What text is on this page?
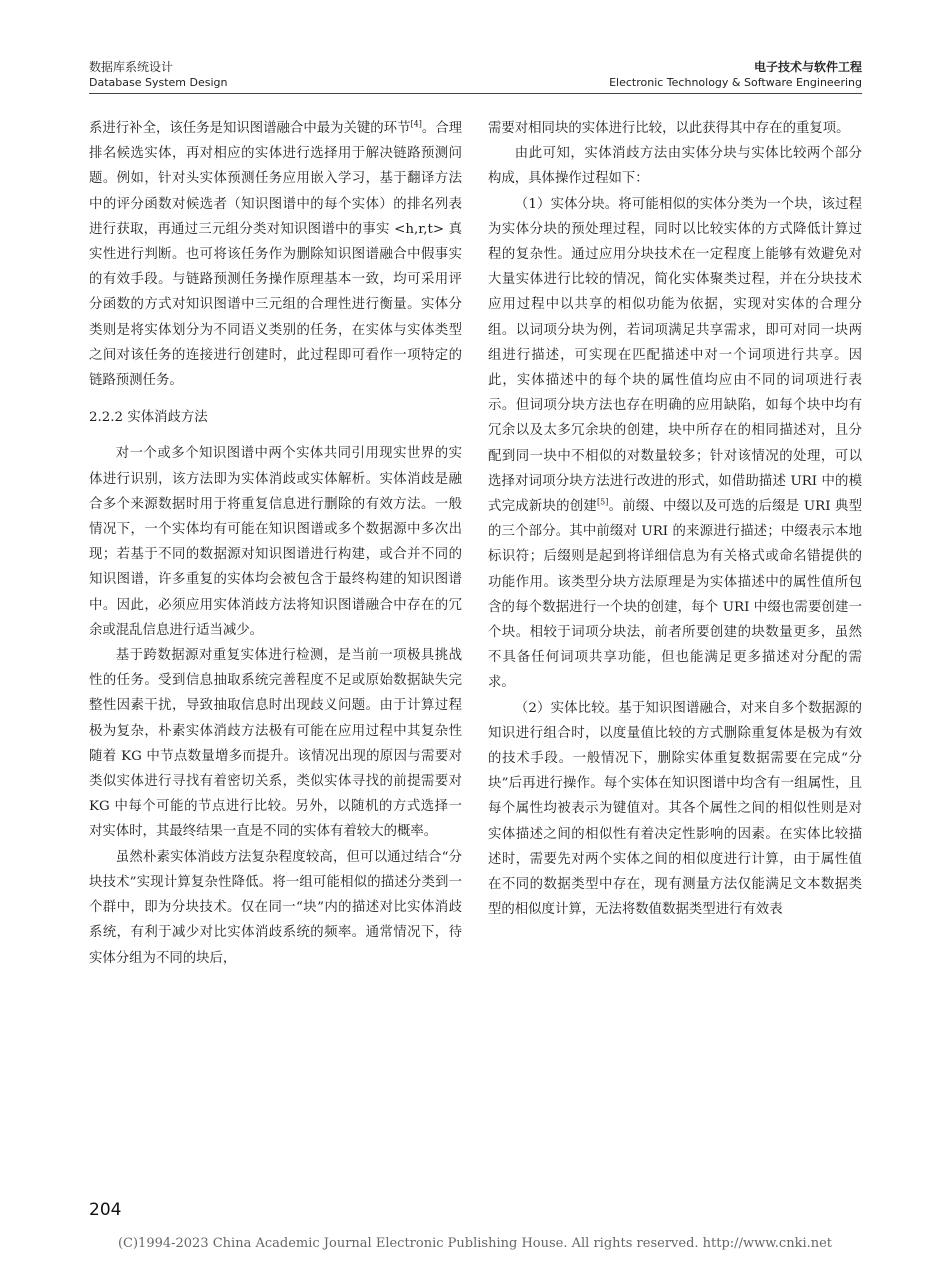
数据库系统设计
Database System Design
电子技术与软件工程
Electronic Technology & Software Engineering

系进行补全，该任务是知识图谱融合中最为关键的环节[4]。合理排名候选实体，再对相应的实体进行选择用于解决链路预测问题。例如，针对头实体预测任务应用嵌入学习，基于翻译方法中的评分函数对候选者（知识图谱中的每个实体）的排名列表进行获取，再通过三元组分类对知识图谱中的事实 <h,r,t> 真实性进行判断。也可将该任务作为删除知识图谱融合中假事实的有效手段。与链路预测任务操作原理基本一致，均可采用评分函数的方式对知识图谱中三元组的合理性进行衡量。实体分类则是将实体划分为不同语义类别的任务，在实体与实体类型之间对该任务的连接进行创建时，此过程即可看作一项特定的链路预测任务。

2.2.2 实体消歧方法

对一个或多个知识图谱中两个实体共同引用现实世界的实体进行识别，该方法即为实体消歧或实体解析。实体消歧是融合多个来源数据时用于将重复信息进行删除的有效方法。一般情况下，一个实体均有可能在知识图谱或多个数据源中多次出现；若基于不同的数据源对知识图谱进行构建，或合并不同的知识图谱，许多重复的实体均会被包含于最终构建的知识图谱中。因此，必须应用实体消歧方法将知识图谱融合中存在的冗余或混乱信息进行适当减少。

基于跨数据源对重复实体进行检测，是当前一项极具挑战性的任务。受到信息抽取系统完善程度不足或原始数据缺失完整性因素干扰，导致抽取信息时出现歧义问题。由于计算过程极为复杂，朴素实体消歧方法极有可能在应用过程中其复杂性随着 KG 中节点数量增多而提升。该情况出现的原因与需要对类似实体进行寻找有着密切关系，类似实体寻找的前提需要对 KG 中每个可能的节点进行比较。另外，以随机的方式选择一对实体时，其最终结果一直是不同的实体有着较大的概率。

虽然朴素实体消歧方法复杂程度较高，但可以通过结合“分块技术”实现计算复杂性降低。将一组可能相似的描述分类到一个群中，即为分块技术。仅在同一“块”内的描述对比实体消歧系统，有利于减少对比实体消歧系统的频率。通常情况下，待实体分组为不同的块后，

需要对相同块的实体进行比较，以此获得其中存在的重复项。

由此可知，实体消歧方法由实体分块与实体比较两个部分构成，具体操作过程如下：

（1）实体分块。将可能相似的实体分类为一个块，该过程为实体分块的预处理过程，同时以比较实体的方式降低计算过程的复杂性。通过应用分块技术在一定程度上能够有效避免对大量实体进行比较的情况，简化实体聚类过程，并在分块技术应用过程中以共享的相似功能为依据，实现对实体的合理分组。以词项分块为例，若词项满足共享需求，即可对同一块两组进行描述，可实现在匹配描述中对一个词项进行共享。因此，实体描述中的每个块的属性值均应由不同的词项进行表示。但词项分块方法也存在明确的应用缺陷，如每个块中均有冗余以及太多冗余块的创建，块中所存在的相同描述对，且分配到同一块中不相似的对数量较多；针对该情况的处理，可以选择对词项分块方法进行改进的形式，如借助描述 URI 中的模式完成新块的创建[5]。前缀、中缀以及可选的后缀是 URI 典型的三个部分。其中前缀对 URI 的来源进行描述；中缀表示本地标识符；后缀则是起到将详细信息为有关格式或命名错提供的功能作用。该类型分块方法原理是为实体描述中的属性值所包含的每个数据进行一个块的创建，每个 URI 中缀也需要创建一个块。相较于词项分块法，前者所要创建的块数量更多，虽然不具备任何词项共享功能，但也能满足更多描述对分配的需求。

（2）实体比较。基于知识图谱融合，对来自多个数据源的知识进行组合时，以度量值比较的方式删除重复体是极为有效的技术手段。一般情况下，删除实体重复数据需要在完成“分块”后再进行操作。每个实体在知识图谱中均含有一组属性，且每个属性均被表示为键值对。其各个属性之间的相似性则是对实体描述之间的相似性有着决定性影响的因素。在实体比较描述时，需要先对两个实体之间的相似度进行计算，由于属性值在不同的数据类型中存在，现有测量方法仅能满足文本数据类型的相似度计算，无法将数值数据类型进行有效表

204
(C)1994-2023 China Academic Journal Electronic Publishing House. All rights reserved. http://www.cnki.net
